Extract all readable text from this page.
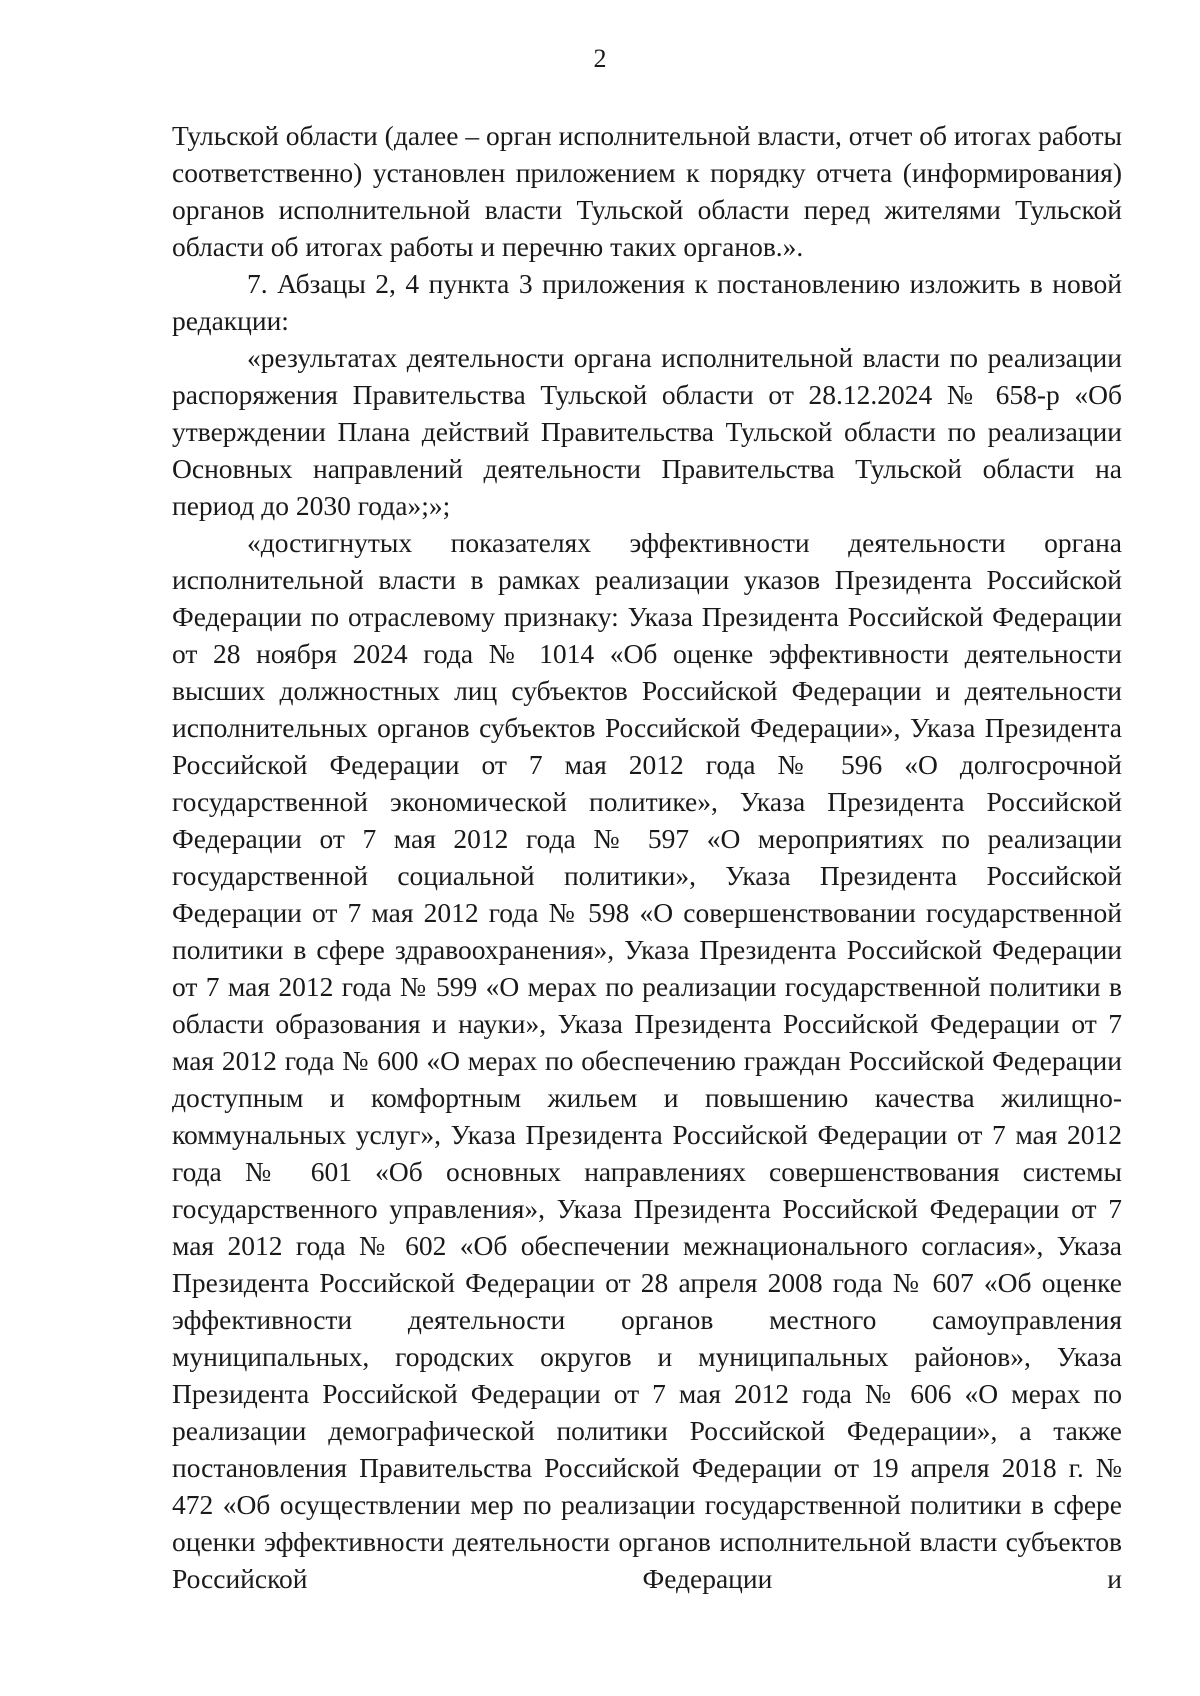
2

Тульской области (далее – орган исполнительной власти, отчет об итогах работы соответственно) установлен приложением к порядку отчета (информирования) органов исполнительной власти Тульской области перед жителями Тульской области об итогах работы и перечню таких органов.».

7. Абзацы 2, 4 пункта 3 приложения к постановлению изложить в новой редакции:

«результатах деятельности органа исполнительной власти по реализации распоряжения Правительства Тульской области от 28.12.2024 № 658-р «Об утверждении Плана действий Правительства Тульской области по реализации Основных направлений деятельности Правительства Тульской области на период до 2030 года»;»;

«достигнутых показателях эффективности деятельности органа исполнительной власти в рамках реализации указов Президента Российской Федерации по отраслевому признаку: Указа Президента Российской Федерации от 28 ноября 2024 года № 1014 «Об оценке эффективности деятельности высших должностных лиц субъектов Российской Федерации и деятельности исполнительных органов субъектов Российской Федерации», Указа Президента Российской Федерации от 7 мая 2012 года № 596 «О долгосрочной государственной экономической политике», Указа Президента Российской Федерации от 7 мая 2012 года № 597 «О мероприятиях по реализации государственной социальной политики», Указа Президента Российской Федерации от 7 мая 2012 года № 598 «О совершенствовании государственной политики в сфере здравоохранения», Указа Президента Российской Федерации от 7 мая 2012 года № 599 «О мерах по реализации государственной политики в области образования и науки», Указа Президента Российской Федерации от 7 мая 2012 года № 600 «О мерах по обеспечению граждан Российской Федерации доступным и комфортным жильем и повышению качества жилищно-коммунальных услуг», Указа Президента Российской Федерации от 7 мая 2012 года № 601 «Об основных направлениях совершенствования системы государственного управления», Указа Президента Российской Федерации от 7 мая 2012 года № 602 «Об обеспечении межнационального согласия», Указа Президента Российской Федерации от 28 апреля 2008 года № 607 «Об оценке эффективности деятельности органов местного самоуправления муниципальных, городских округов и муниципальных районов», Указа Президента Российской Федерации от 7 мая 2012 года № 606 «О мерах по реализации демографической политики Российской Федерации», а также постановления Правительства Российской Федерации от 19 апреля 2018 г. № 472 «Об осуществлении мер по реализации государственной политики в сфере оценки эффективности деятельности органов исполнительной власти субъектов Российской Федерации и
